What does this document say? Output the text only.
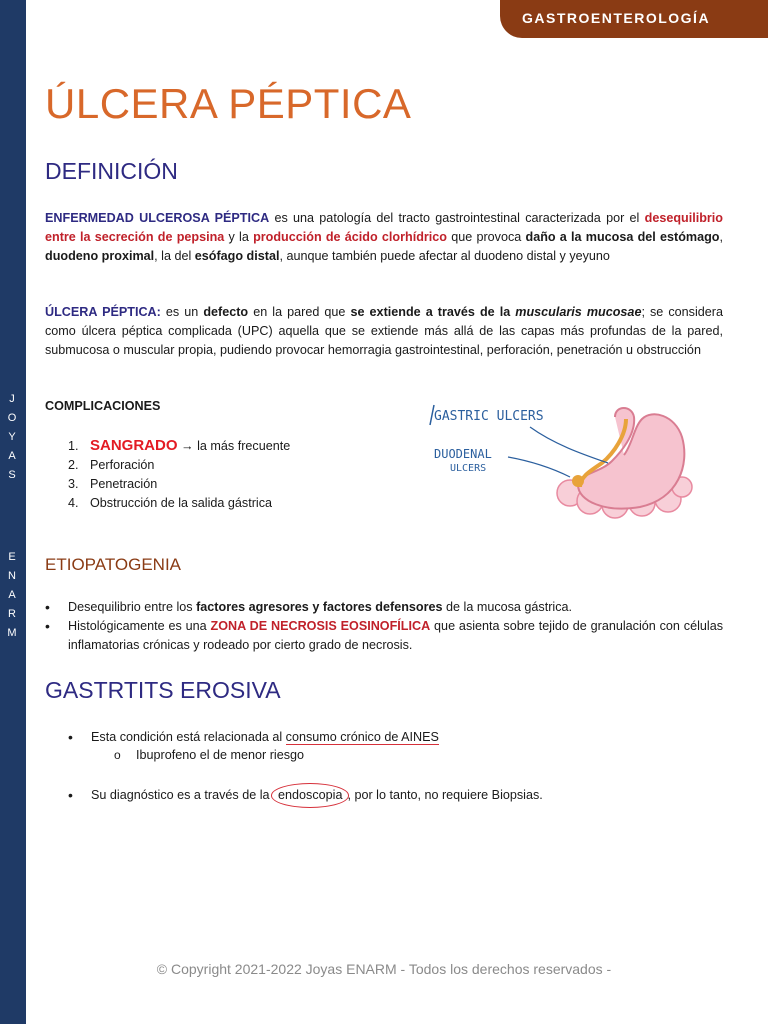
J
O
Y
A
S
E
N
A
R
M
GASTROENTEROLOGÍA
ÚLCERA PÉPTICA
DEFINICIÓN

ENFERMEDAD ULCEROSA PÉPTICA es una patología del tracto gastrointestinal caracterizada por el desequilibrio entre la secreción de pepsina y la producción de ácido clorhídrico que provoca daño a la mucosa del estómago, duodeno proximal, la del esófago distal, aunque también puede afectar al duodeno distal y yeyuno

ÚLCERA PÉPTICA: es un defecto en la pared que se extiende a través de la muscularis mucosae; se considera como úlcera péptica complicada (UPC) aquella que se extiende más allá de las capas más profundas de la pared, submucosa o muscular propia, pudiendo provocar hemorragia gastrointestinal, perforación, penetración u obstrucción

COMPLICACIONES

1. SANGRADO → la más frecuente
2. Perforación
3. Penetración
4. Obstrucción de la salida gástrica
GASTRIC ULCERS
DUODENAL
ULCERS
ETIOPATOGENIA
• Desequilibrio entre los factores agresores y factores defensores de la mucosa gástrica.
• Histológicamente es una ZONA DE NECROSIS EOSINOFÍLICA que asienta sobre tejido de granulación con células inflamatorias crónicas y rodeado por cierto grado de necrosis.
GASTRTITS EROSIVA
• Esta condición está relacionada al consumo crónico de AINES
o Ibuprofeno el de menor riesgo
• Su diagnóstico es a través de la endoscopia , por lo tanto, no requiere Biopsias.
© Copyright 2021-2022 Joyas ENARM - Todos los derechos reservados -
